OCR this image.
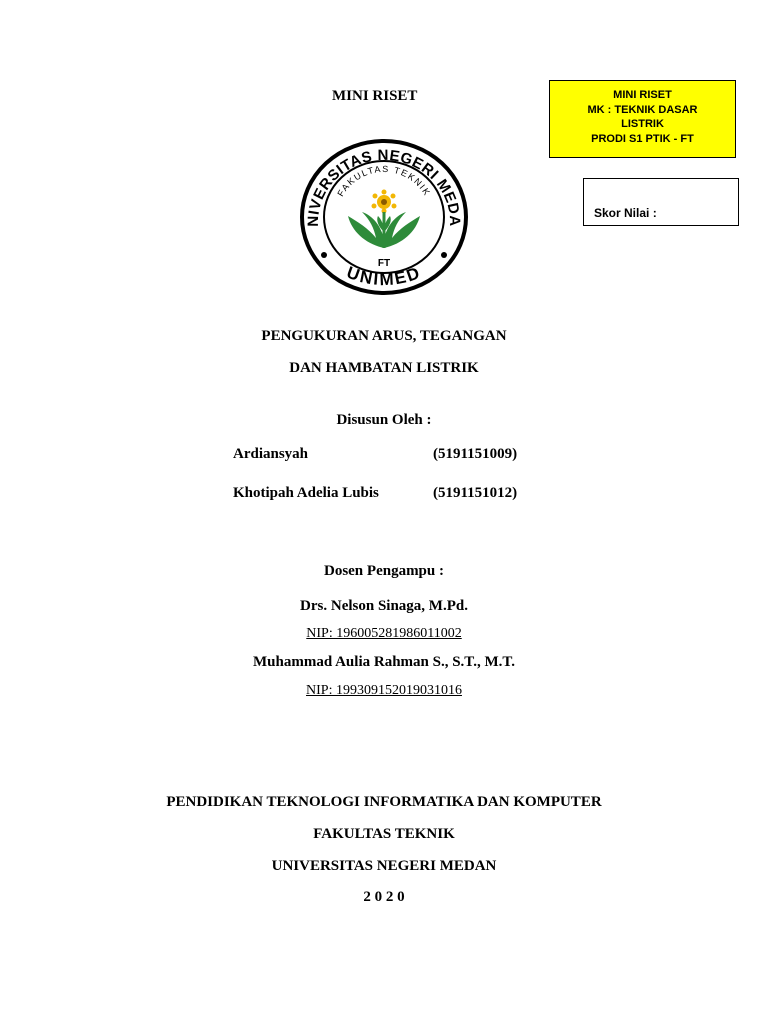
MINI RISET	MINI RISET
MK : TEKNIK DASAR
LISTRIK
PRODI S1 PTIK - FT
Skor Nilai :
NIVERSITAS NEGERI MEDA
FAKULTAS TEKNIK
UNIMED
FT
PENGUKURAN ARUS, TEGANGAN
DAN HAMBATAN LISTRIK
Disusun Oleh :
Ardiansyah	(5191151009)
Khotipah Adelia Lubis	(5191151012)
Dosen Pengampu :
Drs. Nelson Sinaga, M.Pd.
NIP: 196005281986011002
Muhammad Aulia Rahman S., S.T., M.T.
NIP: 199309152019031016
PENDIDIKAN TEKNOLOGI INFORMATIKA DAN KOMPUTER
FAKULTAS TEKNIK
UNIVERSITAS NEGERI MEDAN
2 0 2 0
